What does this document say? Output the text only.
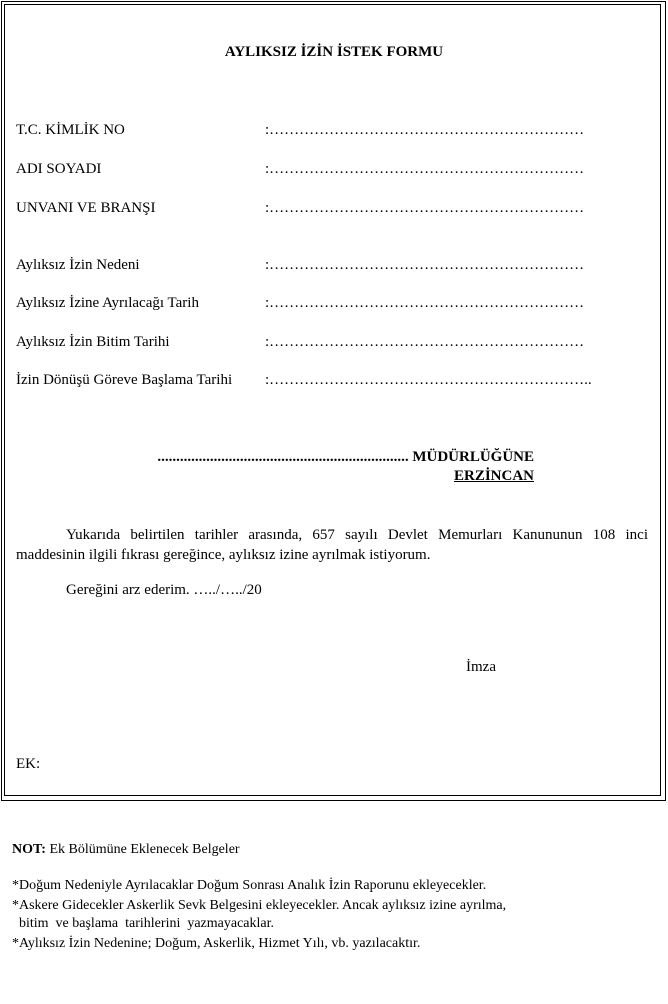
AYLIKSIZ İZİN İSTEK FORMU
T.C. KİMLİK NO	:………………………………………………………
ADI SOYADI	:………………………………………………………
UNVANI VE BRANŞI	:………………………………………………………
Aylıksız İzin Nedeni	:………………………………………………………
Aylıksız İzine Ayrılacağı Tarih	:………………………………………………………
Aylıksız İzin Bitim Tarihi	:………………………………………………………
İzin Dönüşü Göreve Başlama Tarihi :………………………………………………………..
................................................................... MÜDÜRLÜĞÜNE
ERZİNCAN
Yukarıda belirtilen tarihler arasında, 657 sayılı Devlet Memurları Kanununun 108 inci maddesinin ilgili fıkrası gereğince, aylıksız izine ayrılmak istiyorum.
Gereğini arz ederim. …../…../20
İmza
EK:
NOT: Ek Bölümüne Eklenecek Belgeler
*Doğum Nedeniyle Ayrılacaklar Doğum Sonrası Analık İzin Raporunu ekleyecekler.
*Askere Gidecekler Askerlik Sevk Belgesini ekleyecekler. Ancak aylıksız izine ayrılma,
bitim  ve başlama  tarihlerini  yazmayacaklar.
*Aylıksız İzin Nedenine; Doğum, Askerlik, Hizmet Yılı, vb. yazılacaktır.
